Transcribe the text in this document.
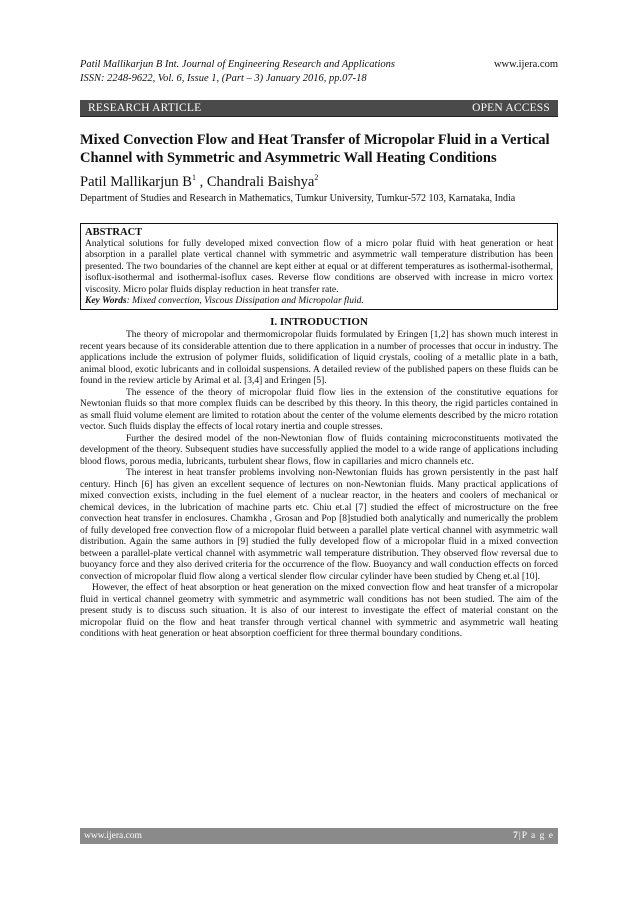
Patil Mallikarjun B Int. Journal of Engineering Research and Applications
ISSN: 2248-9622, Vol. 6, Issue 1, (Part – 3) January 2016, pp.07-18
www.ijera.com
RESEARCH ARTICLE	OPEN ACCESS
Mixed Convection Flow and Heat Transfer of Micropolar Fluid in a Vertical Channel with Symmetric and Asymmetric Wall Heating Conditions
Patil Mallikarjun $B^1$ , Chandrali Baishya$^2$
Department of Studies and Research in Mathematics, Tumkur University, Tumkur-572 103, Karnataka, India
ABSTRACT
Analytical solutions for fully developed mixed convection flow of a micro polar fluid with heat generation or heat absorption in a parallel plate vertical channel with symmetric and asymmetric wall temperature distribution has been presented. The two boundaries of the channel are kept either at equal or at different temperatures as isothermal-isothermal, isoflux-isothermal and isothermal-isoflux cases. Reverse flow conditions are observed with increase in micro vortex viscosity. Micro polar fluids display reduction in heat transfer rate.
Key Words: Mixed convection, Viscous Dissipation and Micropolar fluid.
I. INTRODUCTION

The theory of micropolar and thermomicropolar fluids formulated by Eringen [1,2] has shown much interest in recent years because of its considerable attention due to there application in a number of processes that occur in industry. The applications include the extrusion of polymer fluids, solidification of liquid crystals, cooling of a metallic plate in a bath, animal blood, exotic lubricants and in colloidal suspensions. A detailed review of the published papers on these fluids can be found in the review article by Arimal et al. [3,4] and Eringen [5].

The essence of the theory of micropolar fluid flow lies in the extension of the constitutive equations for Newtonian fluids so that more complex fluids can be described by this theory. In this theory, the rigid particles contained in as small fluid volume element are limited to rotation about the center of the volume elements described by the micro rotation vector. Such fluids display the effects of local rotary inertia and couple stresses.

Further the desired model of the non-Newtonian flow of fluids containing microconstituents motivated the development of the theory. Subsequent studies have successfully applied the model to a wide range of applications including blood flows, porous media, lubricants, turbulent shear flows, flow in capillaries and micro channels etc.

The interest in heat transfer problems involving non-Newtonian fluids has grown persistently in the past half century. Hinch [6] has given an excellent sequence of lectures on non-Newtonian fluids. Many practical applications of mixed convection exists, including in the fuel element of a nuclear reactor, in the heaters and coolers of mechanical or chemical devices, in the lubrication of machine parts etc. Chiu et.al [7] studied the effect of microstructure on the free convection heat transfer in enclosures. Chamkha , Grosan and Pop [8]studied both analytically and numerically the problem of fully developed free convection flow of a micropolar fluid between a parallel plate vertical channel with asymmetric wall distribution. Again the same authors in [9] studied the fully developed flow of a micropolar fluid in a mixed convection between a parallel-plate vertical channel with asymmetric wall temperature distribution. They observed flow reversal due to buoyancy force and they also derived criteria for the occurrence of the flow. Buoyancy and wall conduction effects on forced convection of micropolar fluid flow along a vertical slender flow circular cylinder have been studied by Cheng et.al [10].

However, the effect of heat absorption or heat generation on the mixed convection flow and heat transfer of a micropolar fluid in vertical channel geometry with symmetric and asymmetric wall conditions has not been studied. The aim of the present study is to discuss such situation. It is also of our interest to investigate the effect of material constant on the micropolar fluid on the flow and heat transfer through vertical channel with symmetric and asymmetric wall heating conditions with heat generation or heat absorption coefficient for three thermal boundary conditions.

www.ijera.com	7|P a g e
